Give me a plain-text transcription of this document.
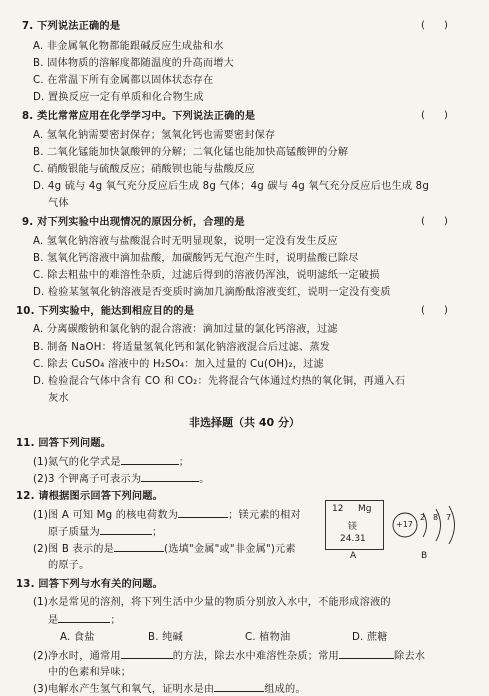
7. 下列说法正确的是	(      )
A. 非金属氧化物都能跟碱反应生成盐和水
B. 固体物质的溶解度都随温度的升高而增大
C. 在常温下所有金属都以固体状态存在
D. 置换反应一定有单质和化合物生成
8. 类比常常应用在化学学习中。下列说法正确的是	(      )
A. 氢氧化钠需要密封保存；氢氧化钙也需要密封保存
B. 二氧化锰能加快氯酸钾的分解；二氧化锰也能加快高锰酸钾的分解
C. 硝酸银能与硫酸反应；硝酸钡也能与盐酸反应
D. 4g 硫与 4g 氧气充分反应后生成 8g 气体；4g 碳与 4g 氧气充分反应后也生成 8g
气体
9. 对下列实验中出现情况的原因分析，合理的是	(      )
A. 氢氧化钠溶液与盐酸混合时无明显现象，说明一定没有发生反应
B. 氢氧化钙溶液中滴加盐酸，加碳酸钙无气泡产生时，说明盐酸已除尽
C. 除去粗盐中的难溶性杂质，过滤后得到的溶液仍浑浊，说明滤纸一定破损
D. 检验某氢氧化钠溶液是否变质时滴加几滴酚酞溶液变红，说明一定没有变质
10. 下列实验中，能达到相应目的的是	(      )
A. 分离碳酸钠和氯化钠的混合溶液：滴加过量的氯化钙溶液，过滤
B. 制备 NaOH：将适量氢氧化钙和氯化钠溶液混合后过滤、蒸发
C. 除去 CuSO₄ 溶液中的 H₂SO₄：加入过量的 Cu(OH)₂，过滤
D. 检验混合气体中含有 CO 和 CO₂：先将混合气体通过灼热的氧化铜，再通入石
灰水
非选择题（共 40 分）
11. 回答下列问题。
(1)氮气的化学式是	；
(2)3 个钾离子可表示为	。
12. 请根据图示回答下列问题。
(1)图 A 可知 Mg 的核电荷数为	；镁元素的相对
原子质量为	；
(2)图 B 表示的是	(选填"金属"或"非金属")元素
的原子。
12 Mg
镁
24.31
A
+17
2 8 7
B
13. 回答下列与水有关的问题。
(1)水是常见的溶剂，将下列生活中少量的物质分别放入水中，不能形成溶液的
是	；
A. 食盐	B. 纯碱	C. 植物油	D. 蔗糖
(2)净水时，通常用	的方法，除去水中难溶性杂质；常用	除去水
中的色素和异味；
(3)电解水产生氢气和氧气，证明水是由	组成的。
